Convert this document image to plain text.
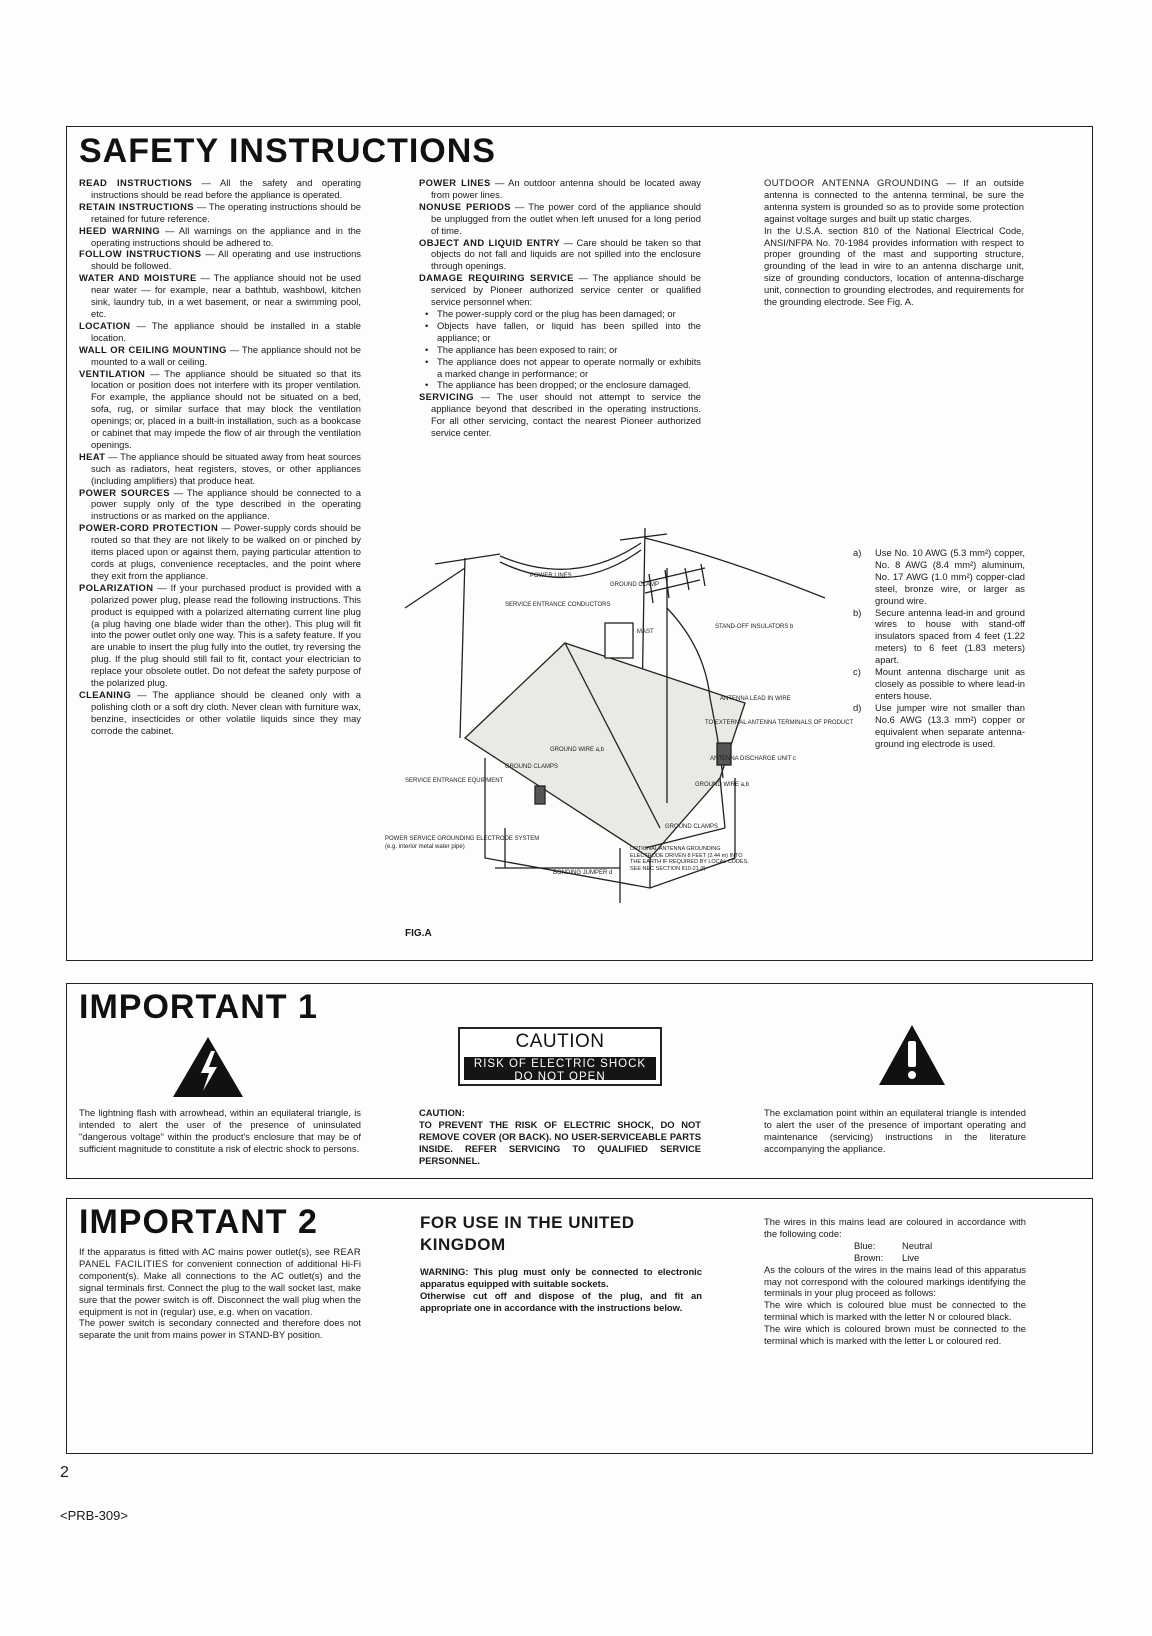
SAFETY INSTRUCTIONS

READ INSTRUCTIONS — All the safety and operating instructions should be read before the appliance is operated.

RETAIN INSTRUCTIONS — The operating instructions should be retained for future reference.

HEED WARNING — All warnings on the appliance and in the operating instructions should be adhered to.

FOLLOW INSTRUCTIONS — All operating and use instructions should be followed.

WATER AND MOISTURE — The appliance should not be used near water — for example, near a bathtub, washbowl, kitchen sink, laundry tub, in a wet basement, or near a swimming pool, etc.

LOCATION — The appliance should be installed in a stable location.

WALL OR CEILING MOUNTING — The appliance should not be mounted to a wall or ceiling.

VENTILATION — The appliance should be situated so that its location or position does not interfere with its proper ventilation. For example, the appliance should not be situated on a bed, sofa, rug, or similar surface that may block the ventilation openings; or, placed in a built-in installation, such as a bookcase or cabinet that may impede the flow of air through the ventilation openings.

HEAT — The appliance should be situated away from heat sources such as radiators, heat registers, stoves, or other appliances (including amplifiers) that produce heat.

POWER SOURCES — The appliance should be connected to a power supply only of the type described in the operating instructions or as marked on the appliance.

POWER-CORD PROTECTION — Power-supply cords should be routed so that they are not likely to be walked on or pinched by items placed upon or against them, paying particular attention to cords at plugs, convenience receptacles, and the point where they exit from the appliance.

POLARIZATION — If your purchased product is provided with a polarized power plug, please read the following instructions. This product is equipped with a polarized alternating current line plug (a plug having one blade wider than the other). This plug will fit into the power outlet only one way. This is a safety feature. If you are unable to insert the plug fully into the outlet, try reversing the plug. If the plug should still fail to fit, contact your electrician to replace your obsolete outlet. Do not defeat the safety purpose of the polarized plug.

CLEANING — The appliance should be cleaned only with a polishing cloth or a soft dry cloth. Never clean with furniture wax, benzine, insecticides or other volatile liquids since they may corrode the cabinet.

POWER LINES — An outdoor antenna should be located away from power lines.

NONUSE PERIODS — The power cord of the appliance should be unplugged from the outlet when left unused for a long period of time.

OBJECT AND LIQUID ENTRY — Care should be taken so that objects do not fall and liquids are not spilled into the enclosure through openings.

DAMAGE REQUIRING SERVICE — The appliance should be serviced by Pioneer authorized service center or qualified service personnel when:

• The power-supply cord or the plug has been damaged; or

• Objects have fallen, or liquid has been spilled into the appliance; or

• The appliance has been exposed to rain; or

• The appliance does not appear to operate normally or exhibits a marked change in performance; or

• The appliance has been dropped; or the enclosure damaged.

SERVICING — The user should not attempt to service the appliance beyond that described in the operating instructions. For all other servicing, contact the nearest Pioneer authorized service center.

OUTDOOR ANTENNA GROUNDING — If an outside antenna is connected to the antenna terminal, be sure the antenna system is grounded so as to provide some protection against voltage surges and built up static charges.

In the U.S.A. section 810 of the National Electrical Code, ANSI/NFPA No. 70-1984 provides information with respect to proper grounding of the mast and supporting structure, grounding of the lead in wire to an antenna discharge unit, size of grounding conductors, location of antenna-discharge unit, connection to grounding electrodes, and requirements for the grounding electrode. See Fig. A.

POWER LINES
GROUND CLAMP
SERVICE ENTRANCE CONDUCTORS
MAST
STAND-OFF INSULATORS b
ANTENNA LEAD IN WIRE
TO EXTERNAL ANTENNA TERMINALS OF PRODUCT
GROUND WIRE a,b
GROUND CLAMPS
ANTENNA DISCHARGE UNIT c
GROUND WIRE a,b
SERVICE ENTRANCE EQUIPMENT
GROUND CLAMPS
POWER SERVICE GROUNDING ELECTRODE SYSTEM
(e.g. interior metal water pipe)
BONDING JUMPER d
OPTIONAL ANTENNA GROUNDING ELECTRODE DRIVEN 8 FEET (2.44 m) INTO THE EARTH IF REQUIRED BY LOCAL CODES. SEE NEC SECTION 810-21 (f)
FIG.A

a) Use No. 10 AWG (5.3 mm²) copper, No. 8 AWG (8.4 mm²) aluminum, No. 17 AWG (1.0 mm²) copper-clad steel, bronze wire, or larger as ground wire.

b) Secure antenna lead-in and ground wires to house with stand-off insulators spaced from 4 feet (1.22 meters) to 6 feet (1.83 meters) apart.

c) Mount antenna discharge unit as closely as possible to where lead-in enters house.

d) Use jumper wire not smaller than No.6 AWG (13.3 mm²) copper or equivalent when separate antenna-ground ing electrode is used.

IMPORTANT 1
The lightning flash with arrowhead, within an equilateral triangle, is intended to alert the user of the presence of uninsulated "dangerous voltage" within the product's enclosure that may be of sufficient magnitude to constitute a risk of electric shock to persons.
CAUTION
RISK OF ELECTRIC SHOCK
DO NOT OPEN

CAUTION:

TO PREVENT THE RISK OF ELECTRIC SHOCK, DO NOT REMOVE COVER (OR BACK). NO USER-SERVICEABLE PARTS INSIDE. REFER SERVICING TO QUALIFIED SERVICE PERSONNEL.

The exclamation point within an equilateral triangle is intended to alert the user of the presence of important operating and maintenance (servicing) instructions in the literature accompanying the appliance.
IMPORTANT 2

If the apparatus is fitted with AC mains power outlet(s), see REAR PANEL FACILITIES for convenient connection of additional Hi-Fi component(s). Make all connections to the AC outlet(s) and the signal terminals first. Connect the plug to the wall socket last, make sure that the power switch is off. Disconnect the wall plug when the equipment is not in (regular) use, e.g. when on vacation.

The power switch is secondary connected and therefore does not separate the unit from mains power in STAND-BY position.

FOR USE IN THE UNITED KINGDOM

WARNING: This plug must only be connected to electronic apparatus equipped with suitable sockets.

Otherwise cut off and dispose of the plug, and fit an appropriate one in accordance with the instructions below.

The wires in this mains lead are coloured in accordance with the following code:

Blue:	Neutral

Brown: Live

As the colours of the wires in the mains lead of this apparatus may not correspond with the coloured markings identifying the terminals in your plug proceed as follows:

The wire which is coloured blue must be connected to the terminal which is marked with the letter N or coloured black.

The wire which is coloured brown must be connected to the terminal which is marked with the letter L or coloured red.

2
<PRB-309>
